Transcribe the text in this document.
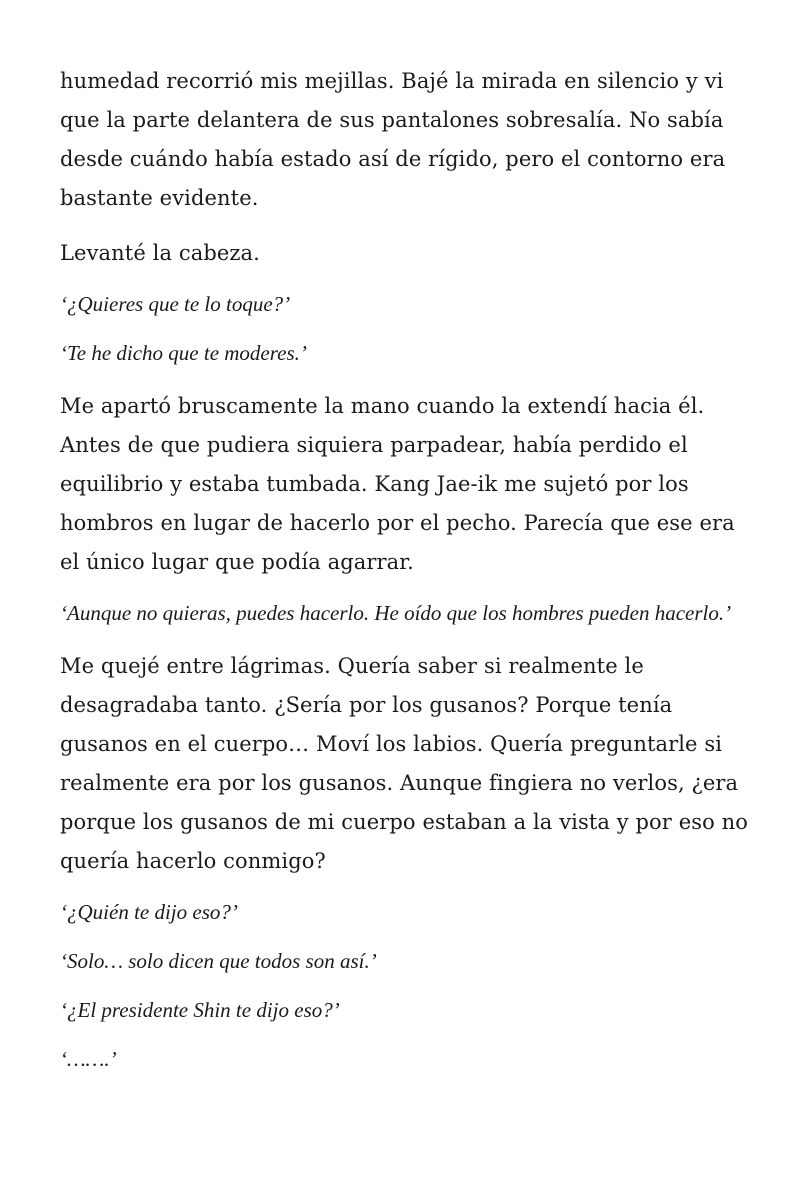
humedad recorrió mis mejillas. Bajé la mirada en silencio y vi que la parte delantera de sus pantalones sobresalía. No sabía desde cuándo había estado así de rígido, pero el contorno era bastante evidente.

Levanté la cabeza.

‘¿Quieres que te lo toque?’

‘Te he dicho que te moderes.’

Me apartó bruscamente la mano cuando la extendí hacia él. Antes de que pudiera siquiera parpadear, había perdido el equilibrio y estaba tumbada. Kang Jae-ik me sujetó por los hombros en lugar de hacerlo por el pecho. Parecía que ese era el único lugar que podía agarrar.

‘Aunque no quieras, puedes hacerlo. He oído que los hombres pueden hacerlo.’

Me quejé entre lágrimas. Quería saber si realmente le desagradaba tanto. ¿Sería por los gusanos? Porque tenía gusanos en el cuerpo… Moví los labios. Quería preguntarle si realmente era por los gusanos. Aunque fingiera no verlos, ¿era porque los gusanos de mi cuerpo estaban a la vista y por eso no quería hacerlo conmigo?

‘¿Quién te dijo eso?’

‘Solo… solo dicen que todos son así.’

‘¿El presidente Shin te dijo eso?’

‘…….’
